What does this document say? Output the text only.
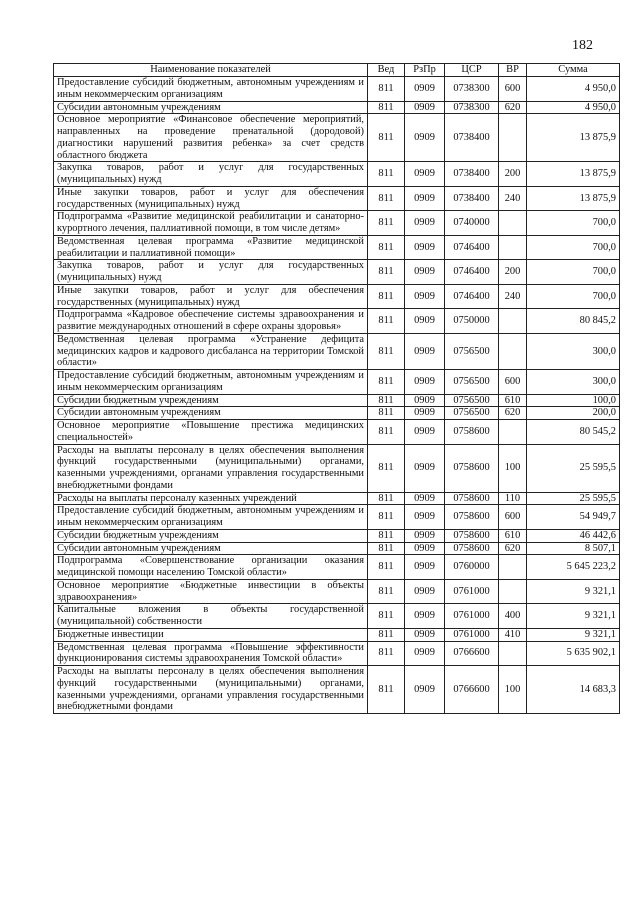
182
Наименование показателей	Вед	РзПр	ЦСР	ВР	Сумма
Предоставление субсидий бюджетным, автономным учреждениям и иным некоммерческим организациям	811	0909	0738300	600	4 950,0
Субсидии автономным учреждениям	811	0909	0738300	620	4 950,0
Основное мероприятие «Финансовое обеспечение мероприятий, направленных на проведение пренатальной (дородовой) диагностики нарушений развития ребенка» за счет средств областного бюджета	811	0909	0738400		13 875,9
Закупка товаров, работ и услуг для государственных (муниципальных) нужд	811	0909	0738400	200	13 875,9
Иные закупки товаров, работ и услуг для обеспечения государственных (муниципальных) нужд	811	0909	0738400	240	13 875,9
Подпрограмма «Развитие медицинской реабилитации и санаторно-курортного лечения, паллиативной помощи, в том числе детям»	811	0909	0740000		700,0
Ведомственная целевая программа «Развитие медицинской реабилитации и паллиативной помощи»	811	0909	0746400		700,0
Закупка товаров, работ и услуг для государственных (муниципальных) нужд	811	0909	0746400	200	700,0
Иные закупки товаров, работ и услуг для обеспечения государственных (муниципальных) нужд	811	0909	0746400	240	700,0
Подпрограмма «Кадровое обеспечение системы здравоохранения и развитие международных отношений в сфере охраны здоровья»	811	0909	0750000		80 845,2
Ведомственная целевая программа «Устранение дефицита медицинских кадров и кадрового дисбаланса на территории Томской области»	811	0909	0756500		300,0
Предоставление субсидий бюджетным, автономным учреждениям и иным некоммерческим организациям	811	0909	0756500	600	300,0
Субсидии бюджетным учреждениям	811	0909	0756500	610	100,0
Субсидии автономным учреждениям	811	0909	0756500	620	200,0
Основное мероприятие «Повышение престижа медицинских специальностей»	811	0909	0758600		80 545,2
Расходы на выплаты персоналу в целях обеспечения выполнения функций государственными (муниципальными) органами, казенными учреждениями, органами управления государственными внебюджетными фондами	811	0909	0758600	100	25 595,5
Расходы на выплаты персоналу казенных учреждений	811	0909	0758600	110	25 595,5
Предоставление субсидий бюджетным, автономным учреждениям и иным некоммерческим организациям	811	0909	0758600	600	54 949,7
Субсидии бюджетным учреждениям	811	0909	0758600	610	46 442,6
Субсидии автономным учреждениям	811	0909	0758600	620	8 507,1
Подпрограмма «Совершенствование организации оказания медицинской помощи населению Томской области»	811	0909	0760000		5 645 223,2
Основное мероприятие «Бюджетные инвестиции в объекты здравоохранения»	811	0909	0761000		9 321,1
Капитальные вложения в объекты государственной (муниципальной) собственности	811	0909	0761000	400	9 321,1
Бюджетные инвестиции	811	0909	0761000	410	9 321,1
Ведомственная целевая программа «Повышение эффективности функционирования системы здравоохранения Томской области»	811	0909	0766600		5 635 902,1
Расходы на выплаты персоналу в целях обеспечения выполнения функций государственными (муниципальными) органами, казенными учреждениями, органами управления государственными внебюджетными фондами	811	0909	0766600	100	14 683,3
